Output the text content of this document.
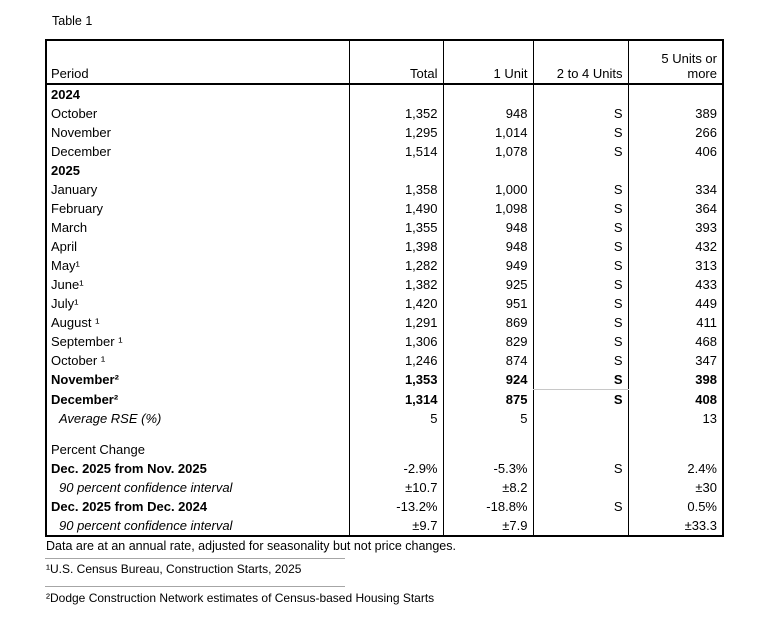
Table 1
Period	Total	1 Unit	2 to 4 Units	5 Units or more
2024				
October	1,352	948	S	389
November	1,295	1,014	S	266
December	1,514	1,078	S	406
2025				
January	1,358	1,000	S	334
February	1,490	1,098	S	364
March	1,355	948	S	393
April	1,398	948	S	432
May¹	1,282	949	S	313
June¹	1,382	925	S	433
July¹	1,420	951	S	449
August ¹	1,291	869	S	411
September ¹	1,306	829	S	468
October ¹	1,246	874	S	347
November²	1,353	924	S	398
December²	1,314	875	S	408
Average RSE (%)	5	5		13

Percent Change				
Dec. 2025 from Nov. 2025	-2.9%	-5.3%	S	2.4%
90 percent confidence interval	±10.7	±8.2		±30
Dec. 2025 from Dec. 2024	-13.2%	-18.8%	S	0.5%
90 percent confidence interval	±9.7	±7.9		±33.3
Data are at an annual rate, adjusted for seasonality but not price changes.
¹U.S. Census Bureau, Construction Starts, 2025
²Dodge Construction Network estimates of Census-based Housing Starts
